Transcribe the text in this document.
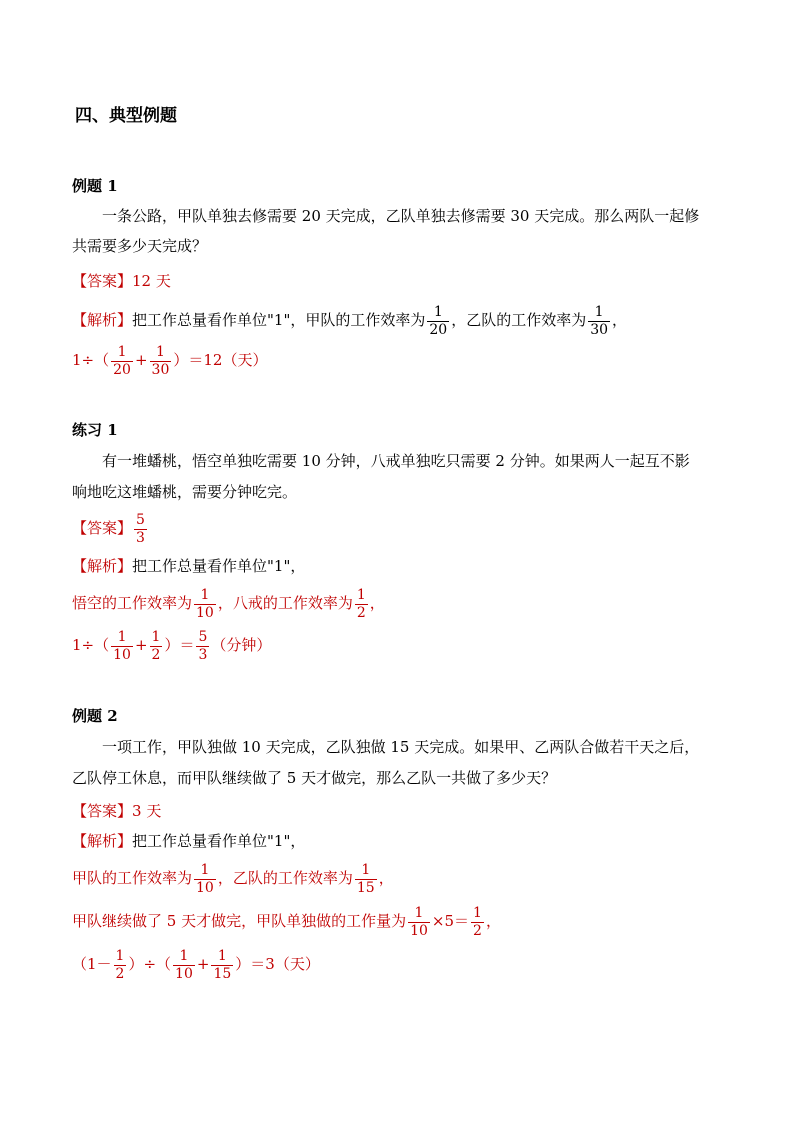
四、典型例题
例题 1
一条公路，甲队单独去修需要 20 天完成，乙队单独去修需要 30 天完成。那么两队一起修
共需要多少天完成？
【答案】12 天
【解析】把工作总量看作单位"1"，甲队的工作效率为 $\frac{1}{20}$ ，乙队的工作效率为 $\frac{1}{30}$ ，
$1\div( \frac{1}{20} + \frac{1}{30} )=12$（天）
练习 1
有一堆蟠桃，悟空单独吃需要 10 分钟，八戒单独吃只需要 2 分钟。如果两人一起互不影
响地吃这堆蟠桃，需要分钟吃完。
【答案】 $\frac{5}{3}$
【解析】把工作总量看作单位"1"，
悟空的工作效率为 $\frac{1}{10}$ ，八戒的工作效率为 $\frac{1}{2}$ ，
$1\div( \frac{1}{10} + \frac{1}{2}$ ）＝ $\frac{5}{3}$ （分钟）
例题 2
一项工作，甲队独做 10 天完成，乙队独做 15 天完成。如果甲、乙两队合做若干天之后，
乙队停工休息，而甲队继续做了 5 天才做完，那么乙队一共做了多少天？
【答案】3 天
【解析】把工作总量看作单位"1"，
甲队的工作效率为 $\frac{1}{10}$ ，乙队的工作效率为 $\frac{1}{15}$ ，
甲队继续做了 5 天才做完，甲队单独做的工作量为 $\frac{1}{10} \times 5= \frac{1}{2}$ ，
（$1- \frac{1}{2}$ ）÷（ $\frac{1}{10} + \frac{1}{15} )=3$（天）
